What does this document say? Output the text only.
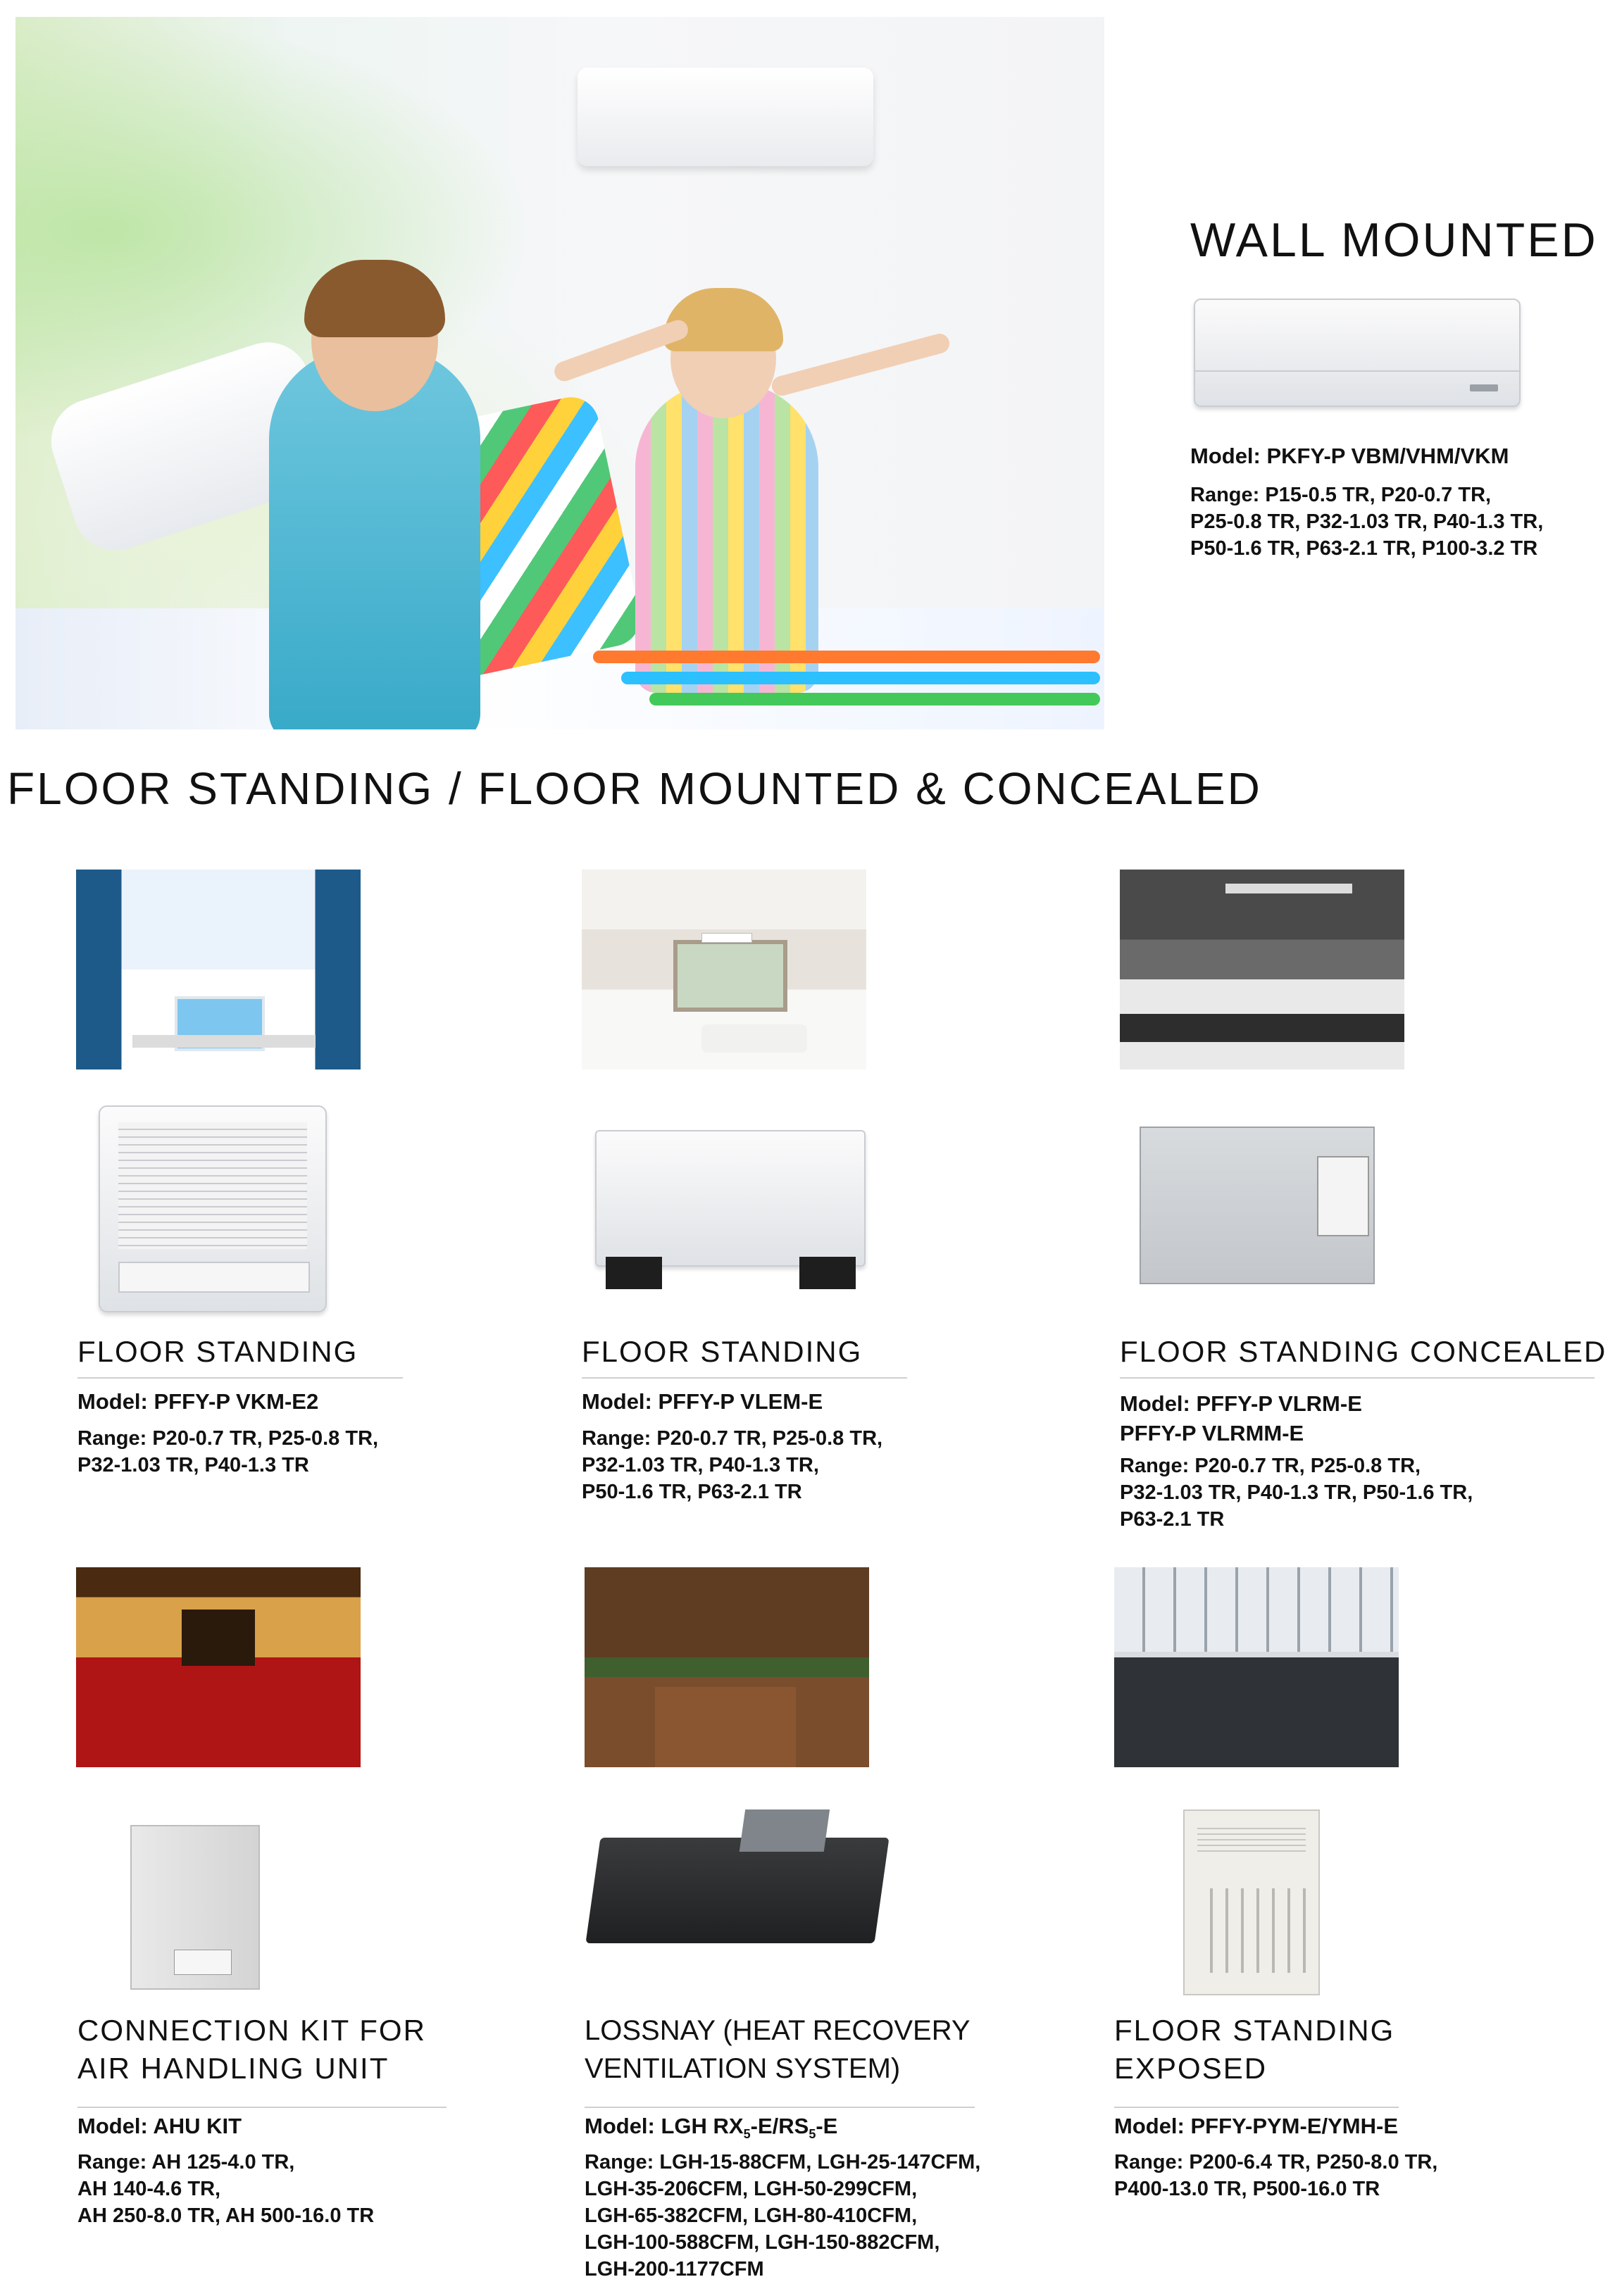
WALL MOUNTED
Model: PKFY-P VBM/VHM/VKM
Range: P15-0.5 TR, P20-0.7 TR,
P25-0.8 TR, P32-1.03 TR, P40-1.3 TR,
P50-1.6 TR, P63-2.1 TR, P100-3.2 TR
FLOOR STANDING / FLOOR MOUNTED & CONCEALED
FLOOR STANDING
Model: PFFY-P VKM-E2
Range: P20-0.7 TR, P25-0.8 TR,
P32-1.03 TR, P40-1.3 TR
FLOOR STANDING
Model: PFFY-P VLEM-E
Range: P20-0.7 TR, P25-0.8 TR,
P32-1.03 TR, P40-1.3 TR,
P50-1.6 TR, P63-2.1 TR
FLOOR STANDING CONCEALED
Model: PFFY-P VLRM-E
PFFY-P VLRMM-E
Range: P20-0.7 TR, P25-0.8 TR,
P32-1.03 TR, P40-1.3 TR, P50-1.6 TR,
P63-2.1 TR
CONNECTION KIT FOR
AIR HANDLING UNIT
Model: AHU KIT
Range: AH 125-4.0 TR,
AH 140-4.6 TR,
AH 250-8.0 TR, AH 500-16.0 TR
LOSSNAY (HEAT RECOVERY
VENTILATION SYSTEM)
Model: LGH $RX_5-E/RS_5-E$
Range: LGH-15-88CFM, LGH-25-147CFM,
LGH-35-206CFM, LGH-50-299CFM,
LGH-65-382CFM, LGH-80-410CFM,
LGH-100-588CFM, LGH-150-882CFM,
LGH-200-1177CFM
FLOOR STANDING
EXPOSED
Model: PFFY-PYM-E/YMH-E
Range: P200-6.4 TR, P250-8.0 TR,
P400-13.0 TR, P500-16.0 TR
